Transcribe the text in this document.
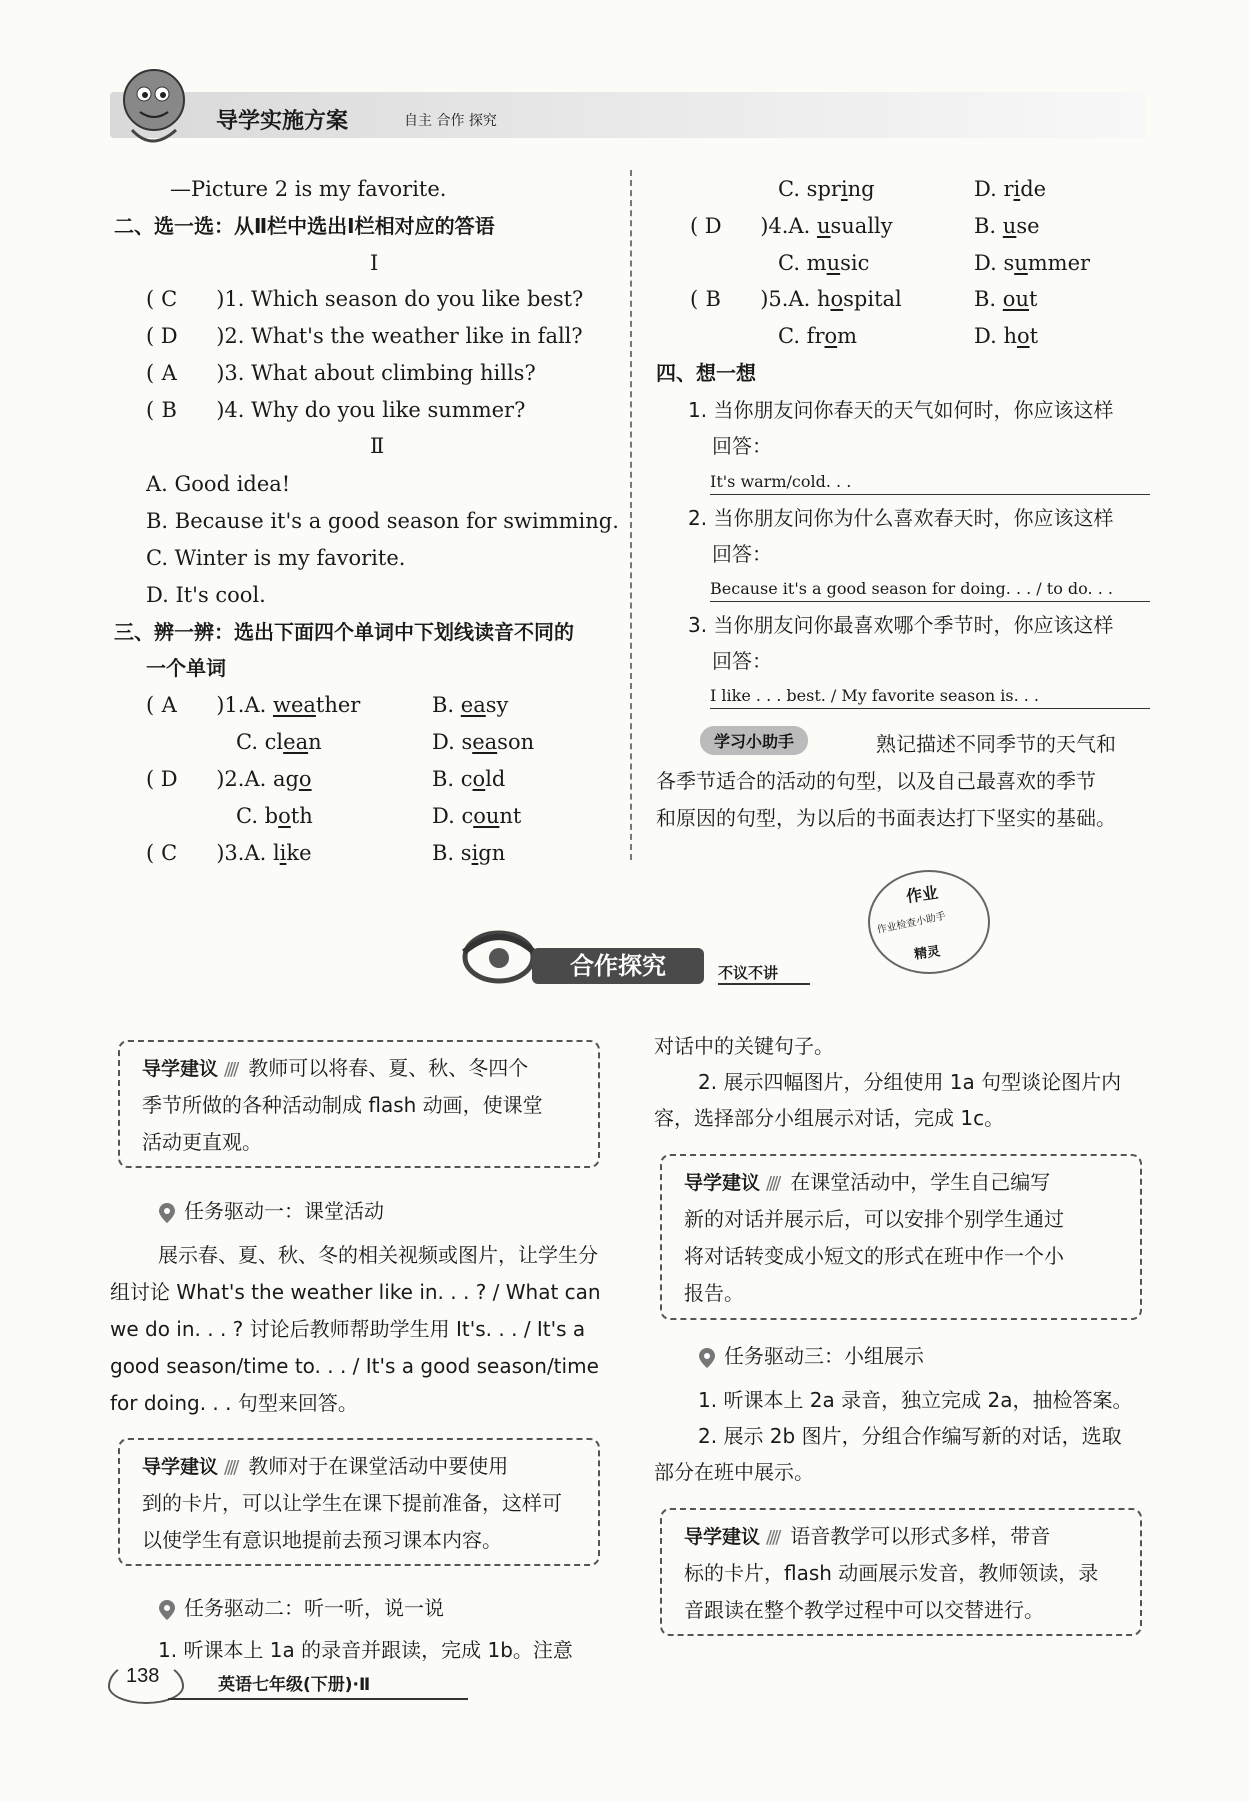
导学实施方案	自主 合作 探究
—Picture 2 is my favorite.
二、选一选：从Ⅱ栏中选出Ⅰ栏相对应的答语
Ⅰ
( C )1. Which season do you like best?
( D )2. What's the weather like in fall?
( A )3. What about climbing hills?
( B )4. Why do you like summer?
Ⅱ
A. Good idea!
B. Because it's a good season for swimming.
C. Winter is my favorite.
D. It's cool.
三、辨一辨：选出下面四个单词中下划线读音不同的
一个单词
( A )1.A. weather	B. easy
C. clean	D. season
( D )2.A. ago	B. cold
C. both	D. count
( C )3.A. like	B. sign
C. spring	D. ride
( D )4.A. usually	B. use
C. music	D. summer
( B )5.A. hospital	B. out
C. from	D. hot
四、想一想
1. 当你朋友问你春天的天气如何时，你应该这样
回答：
It's warm/cold. . .
2. 当你朋友问你为什么喜欢春天时，你应该这样
回答：
Because it's a good season for doing. . . / to do. . .
3. 当你朋友问你最喜欢哪个季节时，你应该这样
回答：
I like . . . best. / My favorite season is. . .
学习小助手	熟记描述不同季节的天气和
各季节适合的活动的句型，以及自己最喜欢的季节
和原因的句型，为以后的书面表达打下坚实的基础。
作业
作业检查小助手
精灵
合作探究	不议不讲
导学建议 //// 教师可以将春、夏、秋、冬四个
季节所做的各种活动制成 flash 动画，使课堂
活动更直观。
任务驱动一：课堂活动
展示春、夏、秋、冬的相关视频或图片，让学生分
组讨论 What's the weather like in. . . ? / What can
we do in. . . ? 讨论后教师帮助学生用 It's. . . / It's a
good season/time to. . . / It's a good season/time
for doing. . . 句型来回答。
导学建议 //// 教师对于在课堂活动中要使用
到的卡片，可以让学生在课下提前准备，这样可
以使学生有意识地提前去预习课本内容。
任务驱动二：听一听，说一说
1. 听课本上 1a 的录音并跟读，完成 1b。注意
对话中的关键句子。
2. 展示四幅图片，分组使用 1a 句型谈论图片内
容，选择部分小组展示对话，完成 1c。
导学建议 //// 在课堂活动中，学生自己编写
新的对话并展示后，可以安排个别学生通过
将对话转变成小短文的形式在班中作一个小
报告。
任务驱动三：小组展示
1. 听课本上 2a 录音，独立完成 2a，抽检答案。
2. 展示 2b 图片，分组合作编写新的对话，选取
部分在班中展示。
导学建议 //// 语音教学可以形式多样，带音
标的卡片，flash 动画展示发音，教师领读，录
音跟读在整个教学过程中可以交替进行。
138	英语七年级(下册)·Ⅱ
